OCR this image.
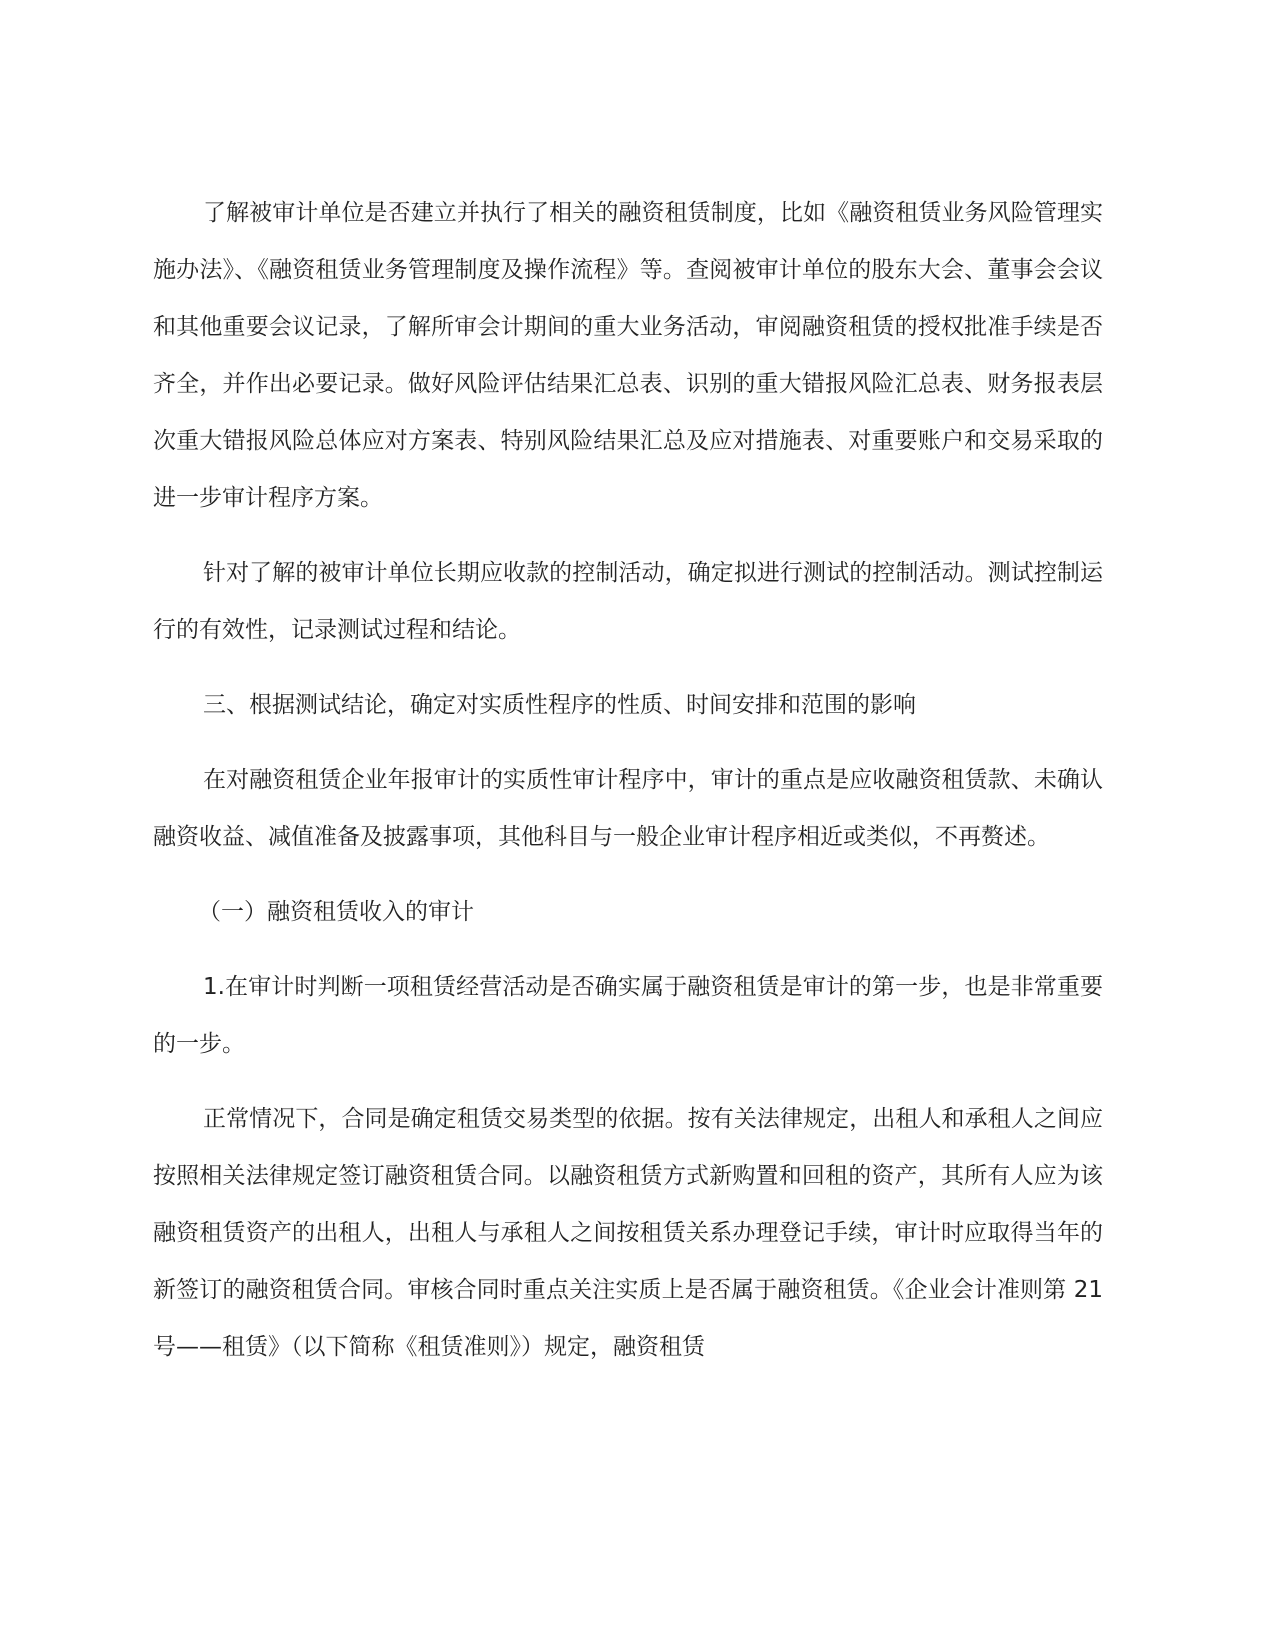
了解被审计单位是否建立并执行了相关的融资租赁制度，比如《融资租赁业务风险管理实施办法》、《融资租赁业务管理制度及操作流程》等。查阅被审计单位的股东大会、董事会会议和其他重要会议记录，了解所审会计期间的重大业务活动，审阅融资租赁的授权批准手续是否齐全，并作出必要记录。做好风险评估结果汇总表、识别的重大错报风险汇总表、财务报表层次重大错报风险总体应对方案表、特别风险结果汇总及应对措施表、对重要账户和交易采取的进一步审计程序方案。

针对了解的被审计单位长期应收款的控制活动，确定拟进行测试的控制活动。测试控制运行的有效性，记录测试过程和结论。

三、根据测试结论，确定对实质性程序的性质、时间安排和范围的影响

在对融资租赁企业年报审计的实质性审计程序中，审计的重点是应收融资租赁款、未确认融资收益、减值准备及披露事项，其他科目与一般企业审计程序相近或类似，不再赘述。

（一）融资租赁收入的审计

1.在审计时判断一项租赁经营活动是否确实属于融资租赁是审计的第一步，也是非常重要的一步。

正常情况下，合同是确定租赁交易类型的依据。按有关法律规定，出租人和承租人之间应按照相关法律规定签订融资租赁合同。以融资租赁方式新购置和回租的资产，其所有人应为该融资租赁资产的出租人，出租人与承租人之间按租赁关系办理登记手续，审计时应取得当年的新签订的融资租赁合同。审核合同时重点关注实质上是否属于融资租赁。《企业会计准则第 21 号——租赁》（以下简称《租赁准则》）规定，融资租赁
